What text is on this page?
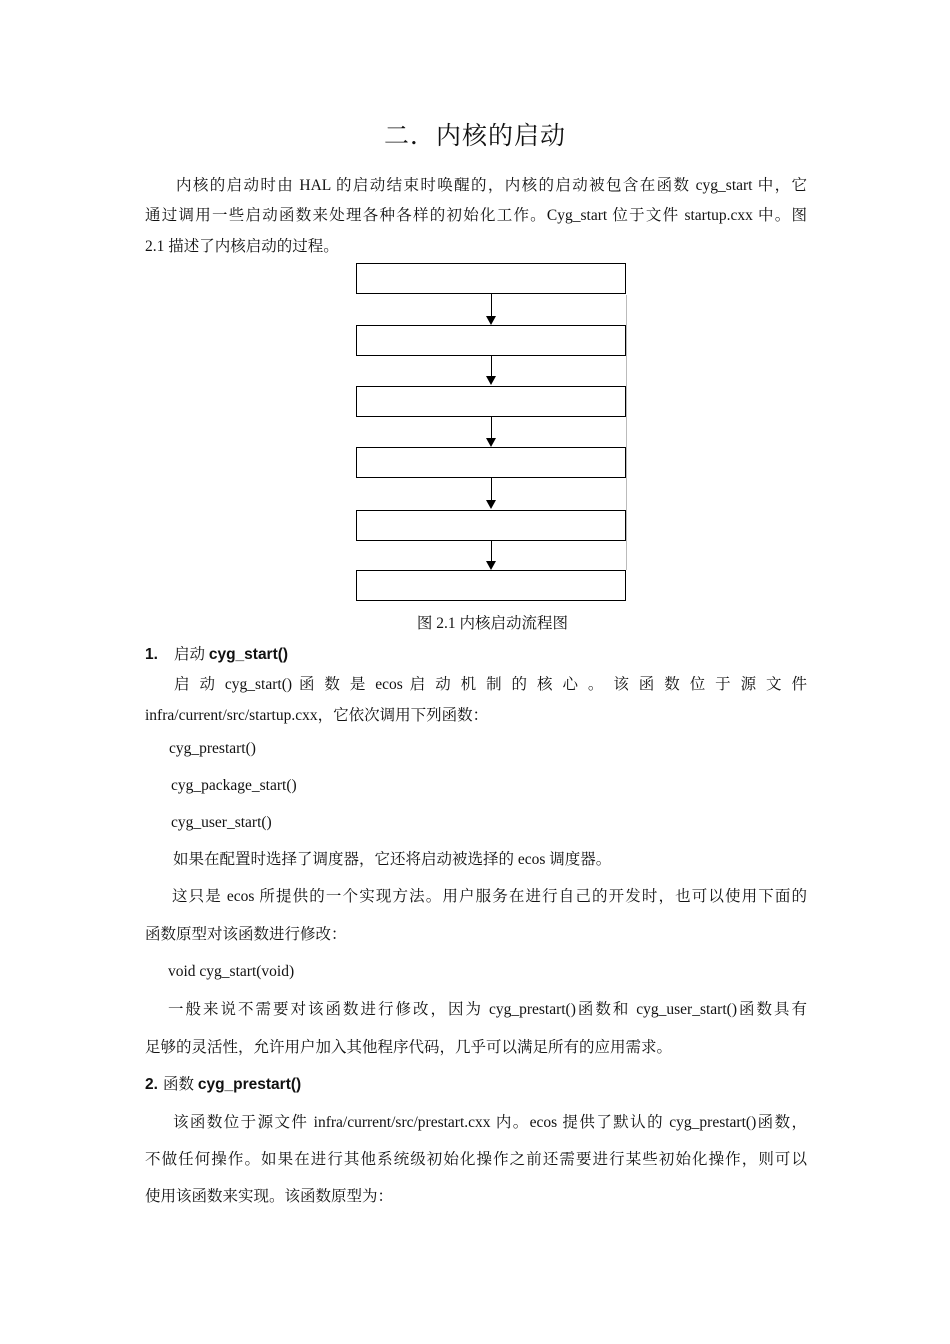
二．内核的启动
内核的启动时由 HAL 的启动结束时唤醒的，内核的启动被包含在函数 cyg_start 中，它
通过调用一些启动函数来处理各种各样的初始化工作。Cyg_start 位于文件 startup.cxx 中。图
2.1 描述了内核启动的过程。
图 2.1 内核启动流程图
1. 启动 cyg_start()
启 动 cyg_start() 函 数 是 ecos 启 动 机 制 的 核 心 。 该 函 数 位 于 源 文 件
infra/current/src/startup.cxx，它依次调用下列函数：
cyg_prestart()
cyg_package_start()
cyg_user_start()
如果在配置时选择了调度器，它还将启动被选择的 ecos 调度器。
这只是 ecos 所提供的一个实现方法。用户服务在进行自己的开发时，也可以使用下面的
函数原型对该函数进行修改：
void cyg_start(void)
一般来说不需要对该函数进行修改，因为 cyg_prestart()函数和 cyg_user_start()函数具有
足够的灵活性，允许用户加入其他程序代码，几乎可以满足所有的应用需求。
2. 函数 cyg_prestart()
该函数位于源文件 infra/current/src/prestart.cxx 内。ecos 提供了默认的 cyg_prestart()函数，
不做任何操作。如果在进行其他系统级初始化操作之前还需要进行某些初始化操作，则可以
使用该函数来实现。该函数原型为：
